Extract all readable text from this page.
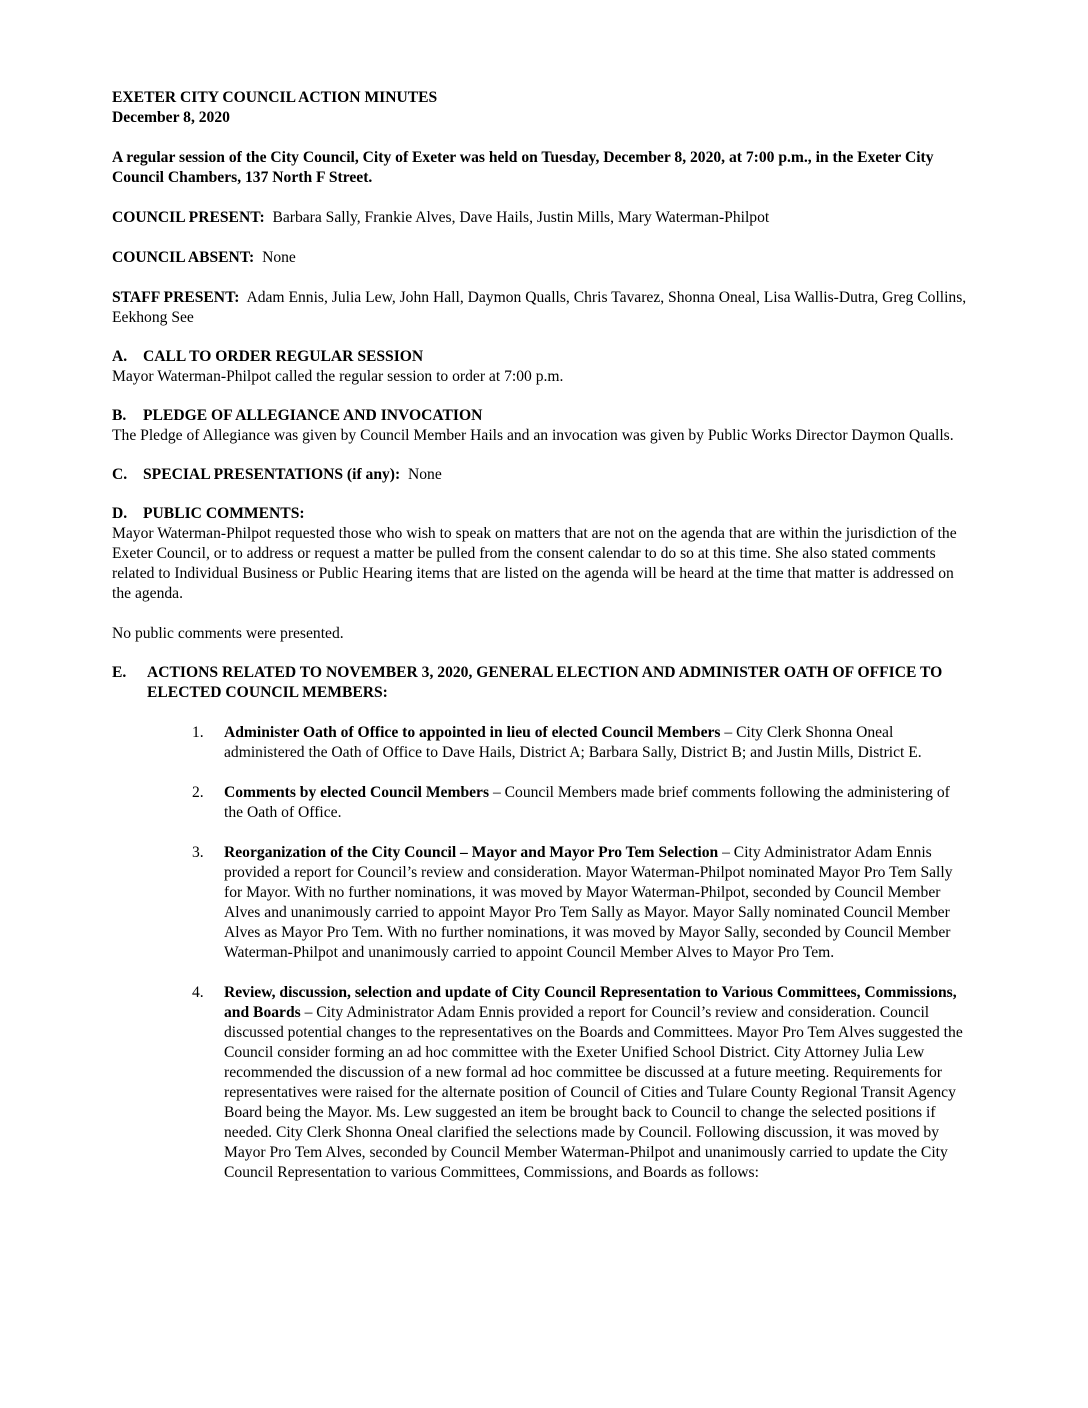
EXETER CITY COUNCIL ACTION MINUTES

December 8, 2020

A regular session of the City Council, City of Exeter was held on Tuesday, December 8, 2020, at 7:00 p.m., in the Exeter City Council Chambers, 137 North F Street.

COUNCIL PRESENT: Barbara Sally, Frankie Alves, Dave Hails, Justin Mills, Mary Waterman-Philpot

COUNCIL ABSENT: None

STAFF PRESENT: Adam Ennis, Julia Lew, John Hall, Daymon Qualls, Chris Tavarez, Shonna Oneal, Lisa Wallis-Dutra, Greg Collins, Eekhong See

A. CALL TO ORDER REGULAR SESSION

Mayor Waterman-Philpot called the regular session to order at 7:00 p.m.

B. PLEDGE OF ALLEGIANCE AND INVOCATION

The Pledge of Allegiance was given by Council Member Hails and an invocation was given by Public Works Director Daymon Qualls.

C. SPECIAL PRESENTATIONS (if any): None

D. PUBLIC COMMENTS:

Mayor Waterman-Philpot requested those who wish to speak on matters that are not on the agenda that are within the jurisdiction of the Exeter Council, or to address or request a matter be pulled from the consent calendar to do so at this time. She also stated comments related to Individual Business or Public Hearing items that are listed on the agenda will be heard at the time that matter is addressed on the agenda.

No public comments were presented.

E.	ACTIONS RELATED TO NOVEMBER 3, 2020, GENERAL ELECTION AND ADMINISTER OATH OF OFFICE TO ELECTED COUNCIL MEMBERS:
1.	Administer Oath of Office to appointed in lieu of elected Council Members – City Clerk Shonna Oneal administered the Oath of Office to Dave Hails, District A; Barbara Sally, District B; and Justin Mills, District E.
2.	Comments by elected Council Members – Council Members made brief comments following the administering of the Oath of Office.
3.	Reorganization of the City Council – Mayor and Mayor Pro Tem Selection – City Administrator Adam Ennis provided a report for Council’s review and consideration. Mayor Waterman-Philpot nominated Mayor Pro Tem Sally for Mayor. With no further nominations, it was moved by Mayor Waterman-Philpot, seconded by Council Member Alves and unanimously carried to appoint Mayor Pro Tem Sally as Mayor. Mayor Sally nominated Council Member Alves as Mayor Pro Tem. With no further nominations, it was moved by Mayor Sally, seconded by Council Member Waterman-Philpot and unanimously carried to appoint Council Member Alves to Mayor Pro Tem.
4.	Review, discussion, selection and update of City Council Representation to Various Committees, Commissions, and Boards – City Administrator Adam Ennis provided a report for Council’s review and consideration. Council discussed potential changes to the representatives on the Boards and Committees. Mayor Pro Tem Alves suggested the Council consider forming an ad hoc committee with the Exeter Unified School District. City Attorney Julia Lew recommended the discussion of a new formal ad hoc committee be discussed at a future meeting. Requirements for representatives were raised for the alternate position of Council of Cities and Tulare County Regional Transit Agency Board being the Mayor. Ms. Lew suggested an item be brought back to Council to change the selected positions if needed. City Clerk Shonna Oneal clarified the selections made by Council. Following discussion, it was moved by Mayor Pro Tem Alves, seconded by Council Member Waterman-Philpot and unanimously carried to update the City Council Representation to various Committees, Commissions, and Boards as follows:
